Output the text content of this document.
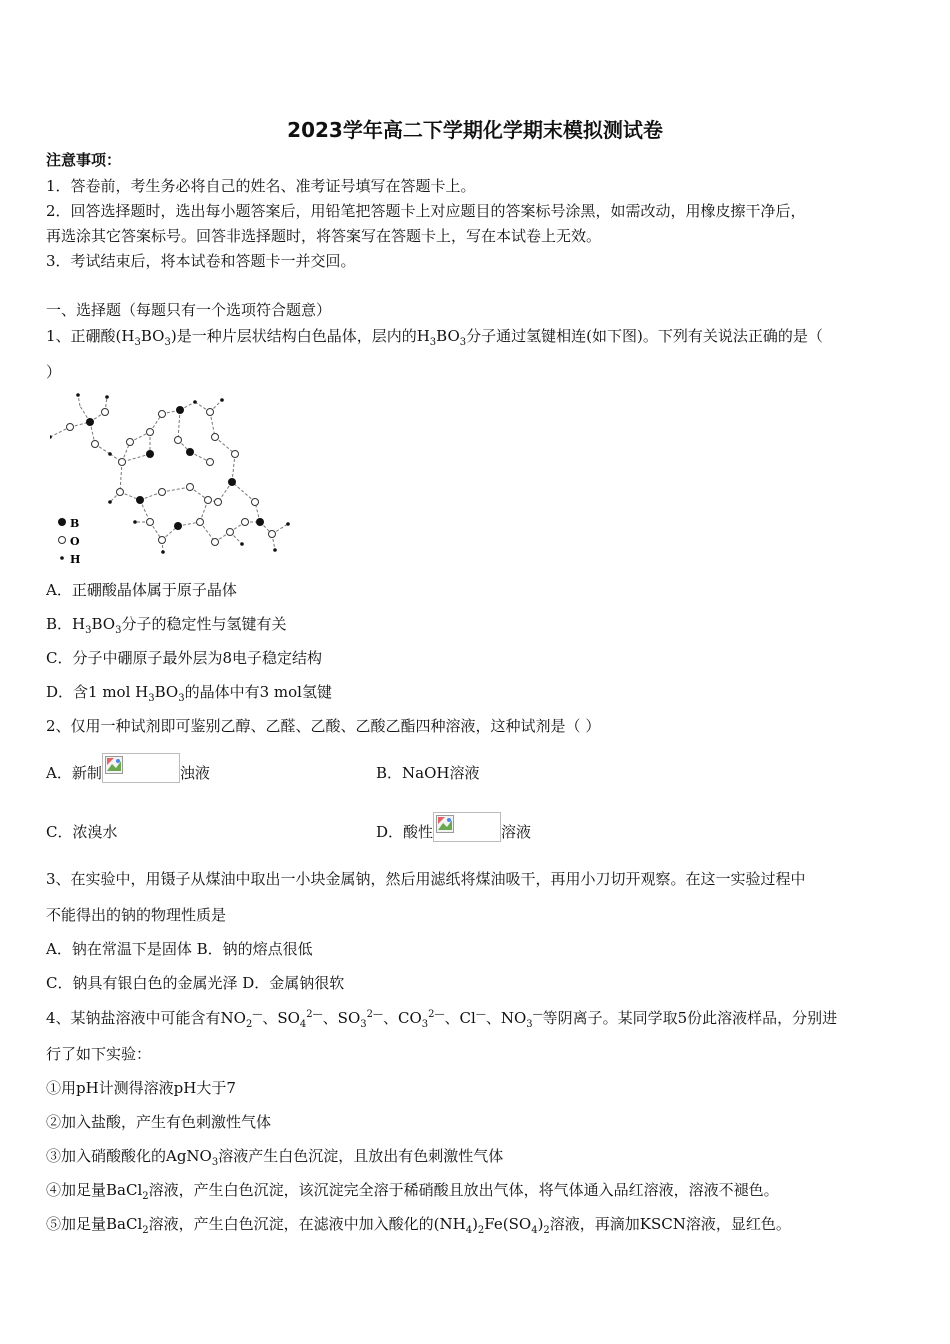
2023学年高二下学期化学期末模拟测试卷
注意事项：
1．答卷前，考生务必将自己的姓名、准考证号填写在答题卡上。
2．回答选择题时，选出每小题答案后，用铅笔把答题卡上对应题目的答案标号涂黑，如需改动，用橡皮擦干净后，
再选涂其它答案标号。回答非选择题时，将答案写在答题卡上，写在本试卷上无效。
3．考试结束后，将本试卷和答题卡一并交回。
一、选择题（每题只有一个选项符合题意）
1、正硼酸$(H_3BO_3)$是一种片层状结构白色晶体，层内的$H_3BO_3$分子通过氢键相连(如下图)。下列有关说法正确的是（
）
B
O
H
A．正硼酸晶体属于原子晶体
B．$H_3BO_3$分子的稳定性与氢键有关
C．分子中硼原子最外层为8电子稳定结构
D．含1 mol $H_3BO_3$的晶体中有3 mol氢键
2、仅用一种试剂即可鉴别乙醇、乙醛、乙酸、乙酸乙酯四种溶液，这种试剂是（ ）
A．新制	浊液	B．NaOH溶液
C．浓溴水	D．酸性	溶液
3、在实验中，用镊子从煤油中取出一小块金属钠，然后用滤纸将煤油吸干，再用小刀切开观察。在这一实验过程中
不能得出的钠的物理性质是
A．钠在常温下是固体 B．钠的熔点很低
C．钠具有银白色的金属光泽 D．金属钠很软
4、某钠盐溶液中可能含有$NO_2^—$、$SO_4^{2—}$、$SO_3^{2—}$、$CO_3^{2—}$、Cl—、$NO_3^—$等阴离子。某同学取5份此溶液样品，分别进
行了如下实验：
①用pH计测得溶液pH大于7
②加入盐酸，产生有色刺激性气体
③加入硝酸酸化的AgNO$_3$溶液产生白色沉淀，且放出有色刺激性气体
④加足量BaCl$_2$溶液，产生白色沉淀，该沉淀完全溶于稀硝酸且放出气体，将气体通入品红溶液，溶液不褪色。
⑤加足量BaCl$_2$溶液，产生白色沉淀，在滤液中加入酸化的$(NH_4)_2Fe(SO_4)_2$溶液，再滴加KSCN溶液，显红色。
